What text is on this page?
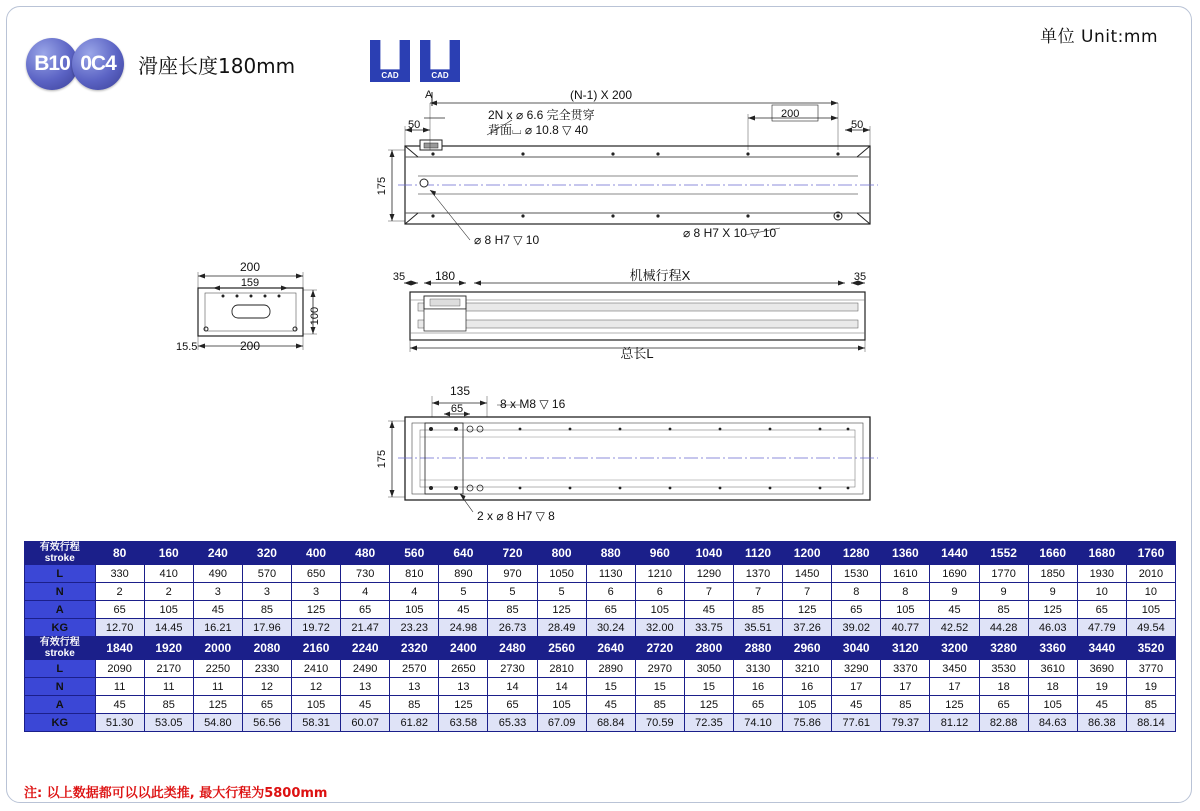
单位 Unit:mm
B10 0C4	滑座长度180mm	2D
CAD
3D
CAD
A	(N-1) X 200
2N x ⌀ 6.6 完全贯穿
背面⌴ ⌀ 10.8 ▽ 40
50
200
50
175
⌀ 8 H7 ▽ 10	⌀ 8 H7 X 10 ▽ 10
200
159
100
15.5	200
35 180	机械行程X	35
总长L
135
65	8 x M8 ▽ 16
175
2 x ⌀ 8 H7 ▽ 8
有效行程
stroke	80	160	240	320	400	480	560	640	720	800	880	960	1040	1120	1200	1280	1360	1440	1552	1660	1680	1760
L	330	410	490	570	650	730	810	890	970	1050	1130	1210	1290	1370	1450	1530	1610	1690	1770	1850	1930	2010
N	2	2	3	3	3	4	4	5	5	5	6	6	7	7	7	8	8	9	9	9	10	10
A	65	105	45	85	125	65	105	45	85	125	65	105	45	85	125	65	105	45	85	125	65	105
KG	12.70	14.45	16.21	17.96	19.72	21.47	23.23	24.98	26.73	28.49	30.24	32.00	33.75	35.51	37.26	39.02	40.77	42.52	44.28	46.03	47.79	49.54

有效行程
stroke	1840	1920	2000	2080	2160	2240	2320	2400	2480	2560	2640	2720	2800	2880	2960	3040	3120	3200	3280	3360	3440	3520
L	2090	2170	2250	2330	2410	2490	2570	2650	2730	2810	2890	2970	3050	3130	3210	3290	3370	3450	3530	3610	3690	3770
N	11	11	11	12	12	13	13	13	14	14	15	15	15	16	16	17	17	17	18	18	19	19
A	45	85	125	65	105	45	85	125	65	105	45	85	125	65	105	45	85	125	65	105	45	85
KG	51.30	53.05	54.80	56.56	58.31	60.07	61.82	63.58	65.33	67.09	68.84	70.59	72.35	74.10	75.86	77.61	79.37	81.12	82.88	84.63	86.38	88.14
注: 以上数据都可以以此类推, 最大行程为5800mm
